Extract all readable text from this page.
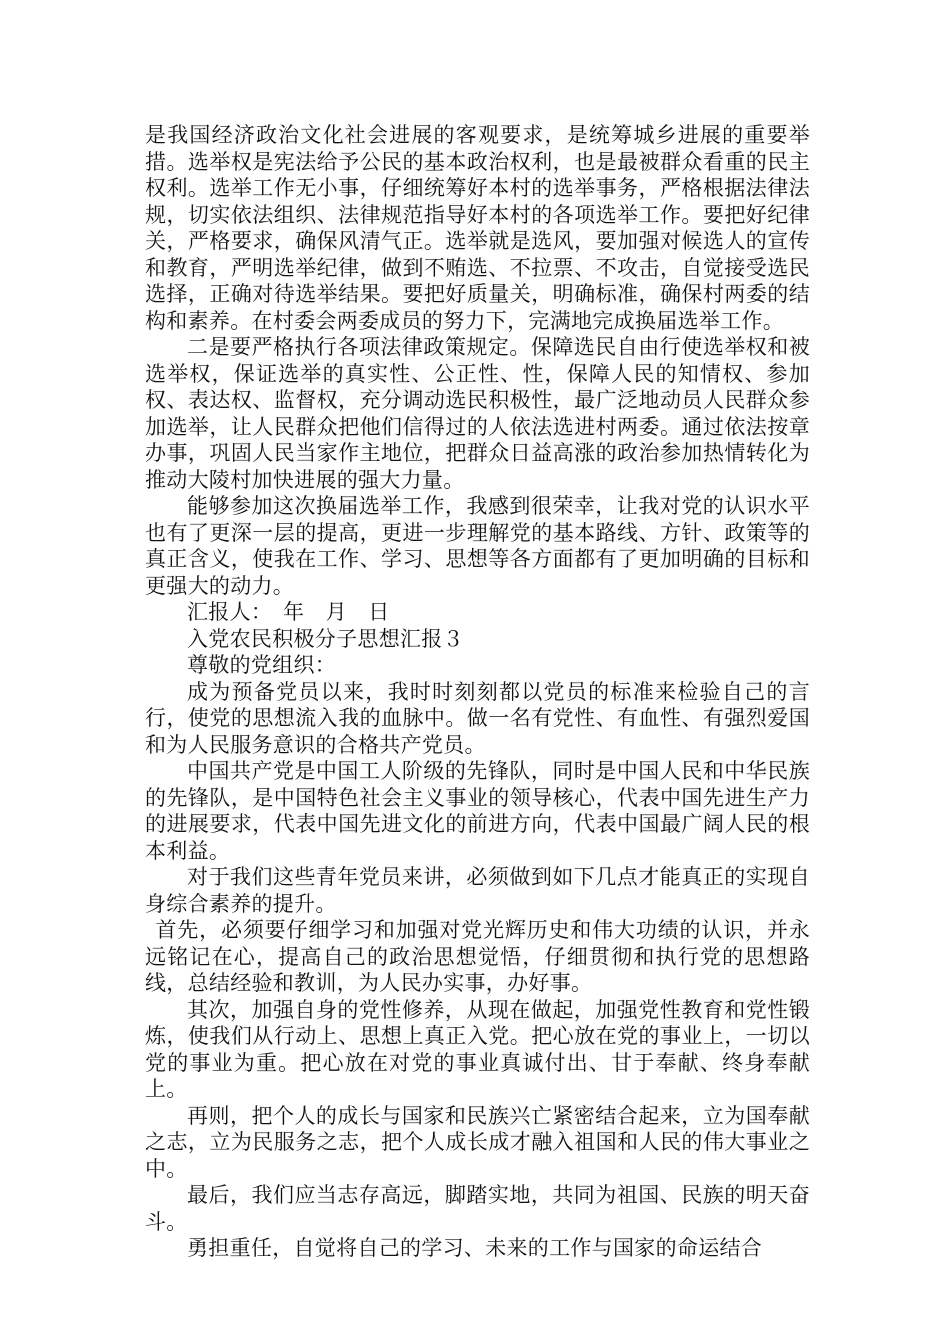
是我国经济政治文化社会进展的客观要求，是统筹城乡进展的重要举措。选举权是宪法给予公民的基本政治权利，也是最被群众看重的民主权利。选举工作无小事，仔细统筹好本村的选举事务，严格根据法律法规，切实依法组织、法律规范指导好本村的各项选举工作。要把好纪律关，严格要求，确保风清气正。选举就是选风，要加强对候选人的宣传和教育，严明选举纪律，做到不贿选、不拉票、不攻击，自觉接受选民选择，正确对待选举结果。要把好质量关，明确标准，确保村两委的结构和素养。在村委会两委成员的努力下，完满地完成换届选举工作。

二是要严格执行各项法律政策规定。保障选民自由行使选举权和被选举权，保证选举的真实性、公正性、性，保障人民的知情权、参加权、表达权、监督权，充分调动选民积极性，最广泛地动员人民群众参加选举，让人民群众把他们信得过的人依法选进村两委。通过依法按章办事，巩固人民当家作主地位，把群众日益高涨的政治参加热情转化为推动大陵村加快进展的强大力量。

能够参加这次换届选举工作，我感到很荣幸，让我对党的认识水平也有了更深一层的提高，更进一步理解党的基本路线、方针、政策等的真正含义，使我在工作、学习、思想等各方面都有了更加明确的目标和更强大的动力。

汇报人：　年　月　日

入党农民积极分子思想汇报３

尊敬的党组织：

成为预备党员以来，我时时刻刻都以党员的标准来检验自己的言行，使党的思想流入我的血脉中。做一名有党性、有血性、有强烈爱国和为人民服务意识的合格共产党员。

中国共产党是中国工人阶级的先锋队，同时是中国人民和中华民族的先锋队，是中国特色社会主义事业的领导核心，代表中国先进生产力的进展要求，代表中国先进文化的前进方向，代表中国最广阔人民的根本利益。

对于我们这些青年党员来讲，必须做到如下几点才能真正的实现自身综合素养的提升。

首先，必须要仔细学习和加强对党光辉历史和伟大功绩的认识，并永远铭记在心，提高自己的政治思想觉悟，仔细贯彻和执行党的思想路线，总结经验和教训，为人民办实事，办好事。

其次，加强自身的党性修养，从现在做起，加强党性教育和党性锻炼，使我们从行动上、思想上真正入党。把心放在党的事业上，一切以党的事业为重。把心放在对党的事业真诚付出、甘于奉献、终身奉献上。

再则，把个人的成长与国家和民族兴亡紧密结合起来，立为国奉献之志，立为民服务之志，把个人成长成才融入祖国和人民的伟大事业之中。

最后，我们应当志存高远，脚踏实地，共同为祖国、民族的明天奋斗。

勇担重任，自觉将自己的学习、未来的工作与国家的命运结合
